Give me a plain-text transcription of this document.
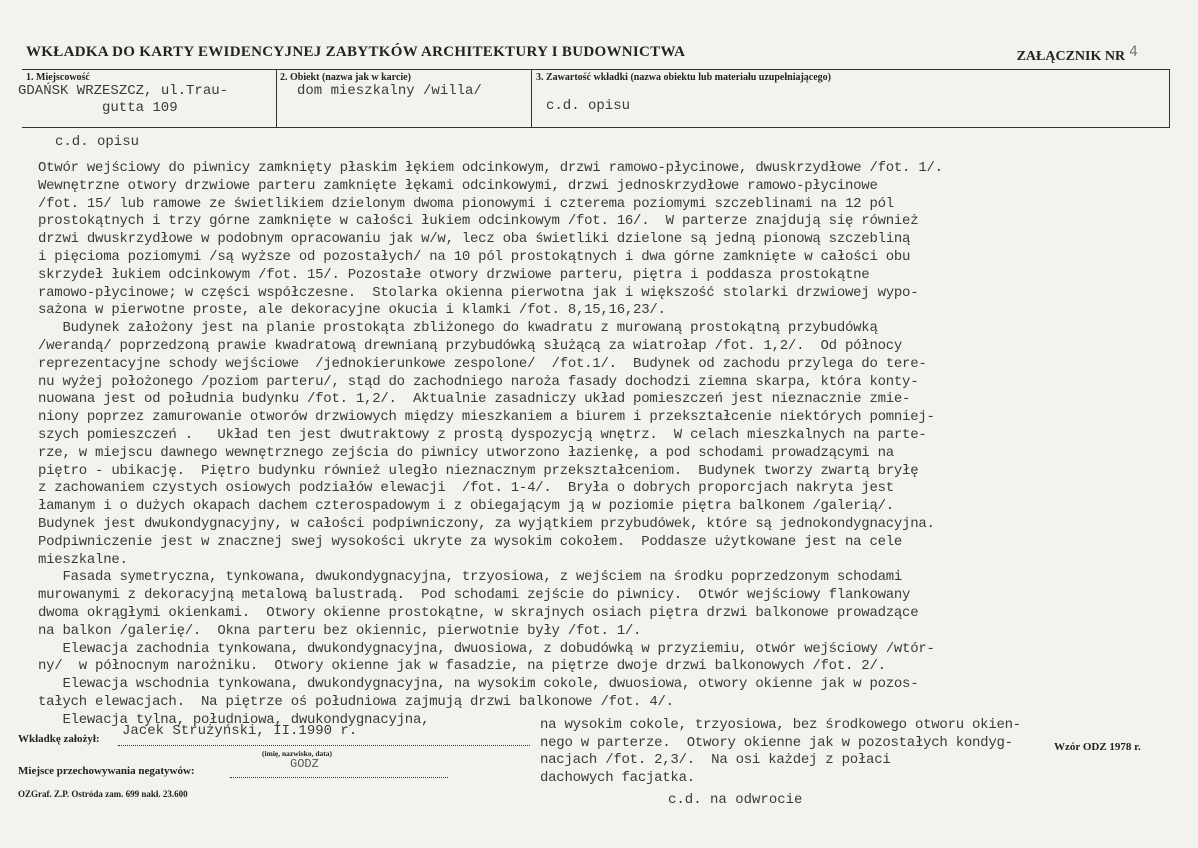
WKŁADKA DO KARTY EWIDENCYJNEJ ZABYTKÓW ARCHITEKTURY I BUDOWNICTWA	ZAŁĄCZNIK NR 4
1. Miejscowość
GDAŃSK WRZESZCZ, ul.Trau-
gutta 109
2. Obiekt (nazwa jak w karcie)
dom mieszkalny /willa/
3. Zawartość wkładki (nazwa obiektu lub materiału uzupełniającego)
c.d. opisu
c.d. opisu
Otwór wejściowy do piwnicy zamknięty płaskim łękiem odcinkowym, drzwi ramowo-płycinowe, dwuskrzydłowe /fot. 1/.
Wewnętrzne otwory drzwiowe parteru zamknięte łękami odcinkowymi, drzwi jednoskrzydłowe ramowo-płycinowe
/fot. 15/ lub ramowe ze świetlikiem dzielonym dwoma pionowymi i czterema poziomymi szczeblinami na 12 pól
prostokątnych i trzy górne zamknięte w całości łukiem odcinkowym /fot. 16/.  W parterze znajdują się również
drzwi dwuskrzydłowe w podobnym opracowaniu jak w/w, lecz oba świetliki dzielone są jedną pionową szczebliną
i pięcioma poziomymi /są wyższe od pozostałych/ na 10 pól prostokątnych i dwa górne zamknięte w całości obu
skrzydeł łukiem odcinkowym /fot. 15/. Pozostałe otwory drzwiowe parteru, piętra i poddasza prostokątne
ramowo-płycinowe; w części współczesne.  Stolarka okienna pierwotna jak i większość stolarki drzwiowej wypo-
sażona w pierwotne proste, ale dekoracyjne okucia i klamki /fot. 8,15,16,23/.
Budynek założony jest na planie prostokąta zbliżonego do kwadratu z murowaną prostokątną przybudówką
/werandą/ poprzedzoną prawie kwadratową drewnianą przybudówką służącą za wiatrołap /fot. 1,2/.  Od północy
reprezentacyjne schody wejściowe  /jednokierunkowe zespolone/  /fot.1/.  Budynek od zachodu przylega do tere-
nu wyżej położonego /poziom parteru/, stąd do zachodniego naroża fasady dochodzi ziemna skarpa, która konty-
nuowana jest od południa budynku /fot. 1,2/.  Aktualnie zasadniczy układ pomieszczeń jest nieznacznie zmie-
niony poprzez zamurowanie otworów drzwiowych między mieszkaniem a biurem i przekształcenie niektórych pomniej-
szych pomieszczeń .   Układ ten jest dwutraktowy z prostą dyspozycją wnętrz.  W celach mieszkalnych na parte-
rze, w miejscu dawnego wewnętrznego zejścia do piwnicy utworzono łazienkę, a pod schodami prowadzącymi na
piętro - ubikację.  Piętro budynku również uległo nieznacznym przekształceniom.  Budynek tworzy zwartą bryłę
z zachowaniem czystych osiowych podziałów elewacji  /fot. 1-4/.  Bryła o dobrych proporcjach nakryta jest
łamanym i o dużych okapach dachem czterospadowym i z obiegającym ją w poziomie piętra balkonem /galerią/.
Budynek jest dwukondygnacyjny, w całości podpiwniczony, za wyjątkiem przybudówek, które są jednokondygnacyjna.
Podpiwniczenie jest w znacznej swej wysokości ukryte za wysokim cokołem.  Poddasze użytkowane jest na cele
mieszkalne.
Fasada symetryczna, tynkowana, dwukondygnacyjna, trzyosiowa, z wejściem na środku poprzedzonym schodami
murowanymi z dekoracyjną metalową balustradą.  Pod schodami zejście do piwnicy.  Otwór wejściowy flankowany
dwoma okrągłymi okienkami.  Otwory okienne prostokątne, w skrajnych osiach piętra drzwi balkonowe prowadzące
na balkon /galerię/.  Okna parteru bez okiennic, pierwotnie były /fot. 1/.
Elewacja zachodnia tynkowana, dwukondygnacyjna, dwuosiowa, z dobudówką w przyziemiu, otwór wejściowy /wtór-
ny/  w północnym narożniku.  Otwory okienne jak w fasadzie, na piętrze dwoje drzwi balkonowych /fot. 2/.
Elewacja wschodnia tynkowana, dwukondygnacyjna, na wysokim cokole, dwuosiowa, otwory okienne jak w pozos-
tałych elewacjach.  Na piętrze oś południowa zajmują drzwi balkonowe /fot. 4/.
Elewacja tylna, południowa, dwukondygnacyjna,	na wysokim cokole, trzyosiowa, bez środkowego otworu okien-
nego w parterze.  Otwory okienne jak w pozostałych kondyg-
nacjach /fot. 2,3/.  Na osi każdej z połaci
dachowych facjatka.
Wkładkę założył: Jacek Strużyński, II.1990 r.
(imię, nazwisko, data)
Miejsce przechowywania negatywów:	GODZ
OZGraf. Z.P. Ostróda zam. 699 nakł. 23.600
Wzór ODZ 1978 r.
c.d. na odwrocie
